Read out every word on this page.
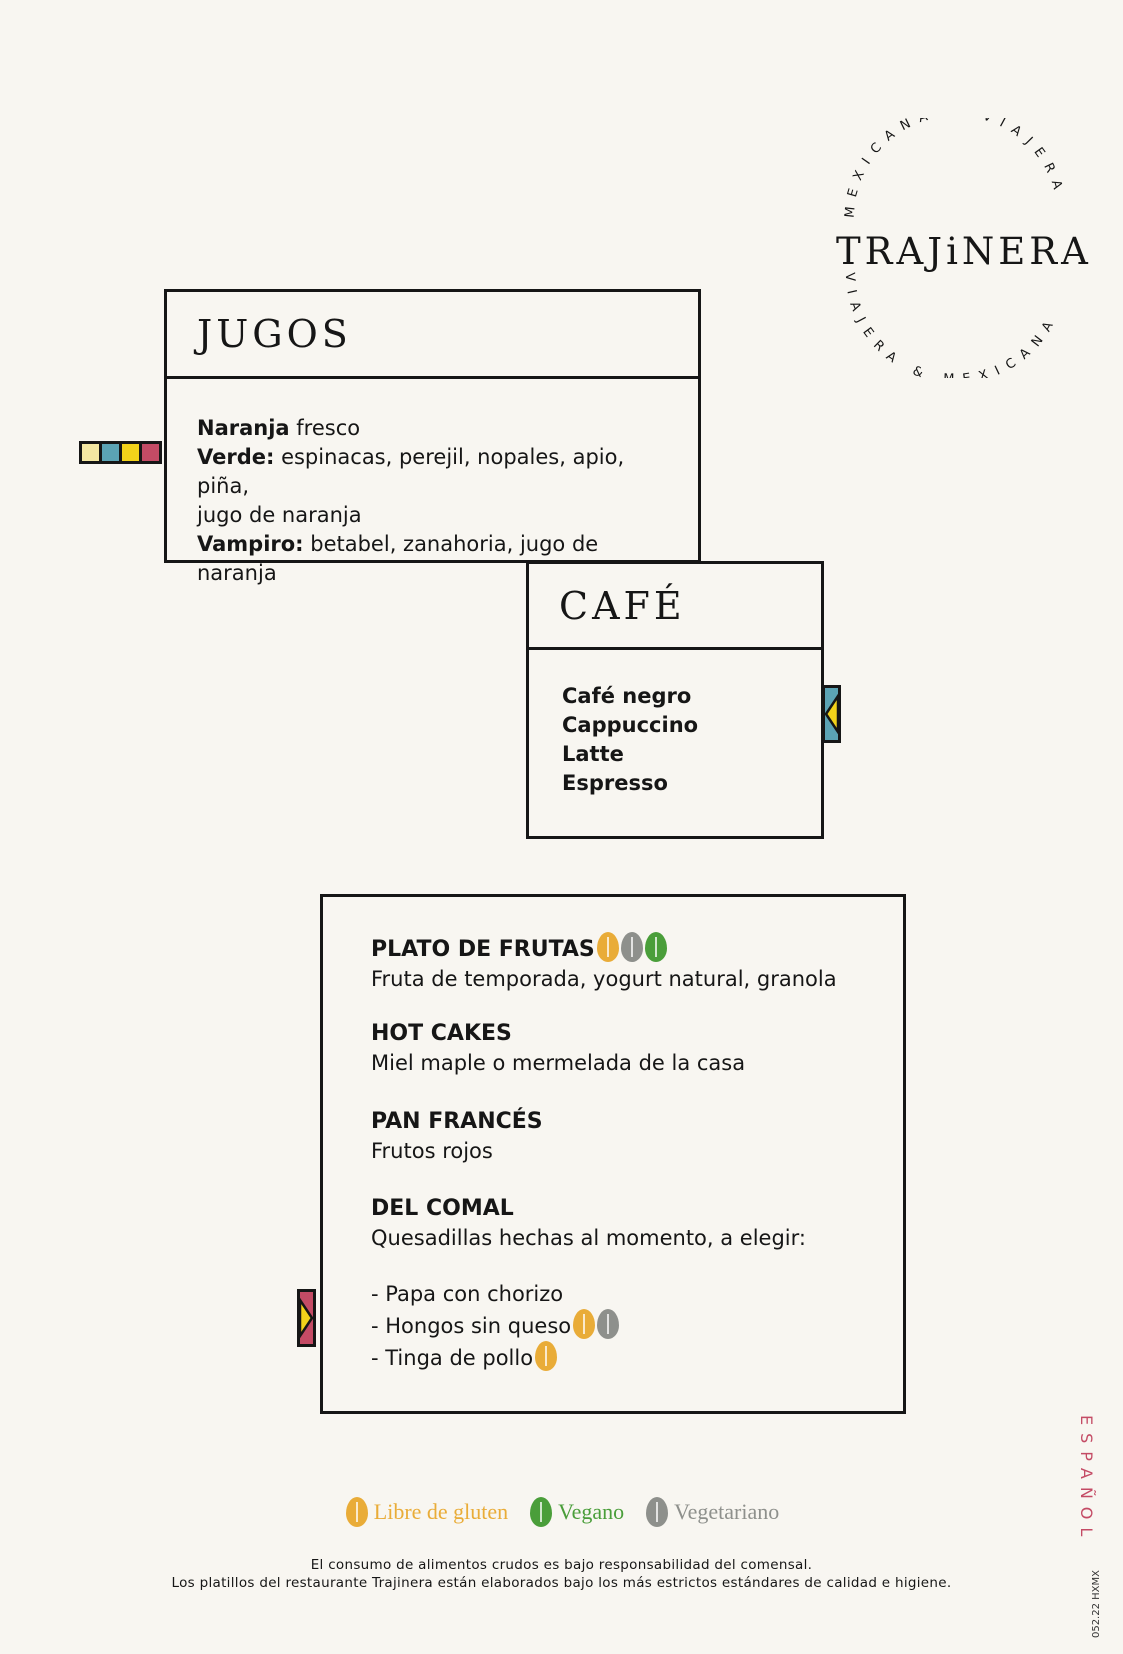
MEXICAN VIAJERA
VIAJERA & XICANA
TRAJiNERA
JUGOS
Naranja fresco
Verde: espinacas, perejil, nopales, apio, piña,
jugo de naranja
Vampiro: betabel, zanahoria, jugo de naranja
CAFÉ
Café negro
Cappuccino
Latte
Espresso
PLATO DE FRUTAS
Fruta de temporada, yogurt natural, granola
HOT CAKES
Miel maple o mermelada de la casa
PAN FRANCÉS
Frutos rojos
DEL COMAL
Quesadillas hechas al momento, a elegir:
- Papa con chorizo
- Hongos sin queso
- Tinga de pollo
Libre de gluten Vegano Vegetariano
El consumo de alimentos crudos es bajo responsabilidad del comensal.
Los platillos del restaurante Trajinera están elaborados bajo los más estrictos estándares de calidad e higiene.
ESPAÑOL
052.22 HXMX
